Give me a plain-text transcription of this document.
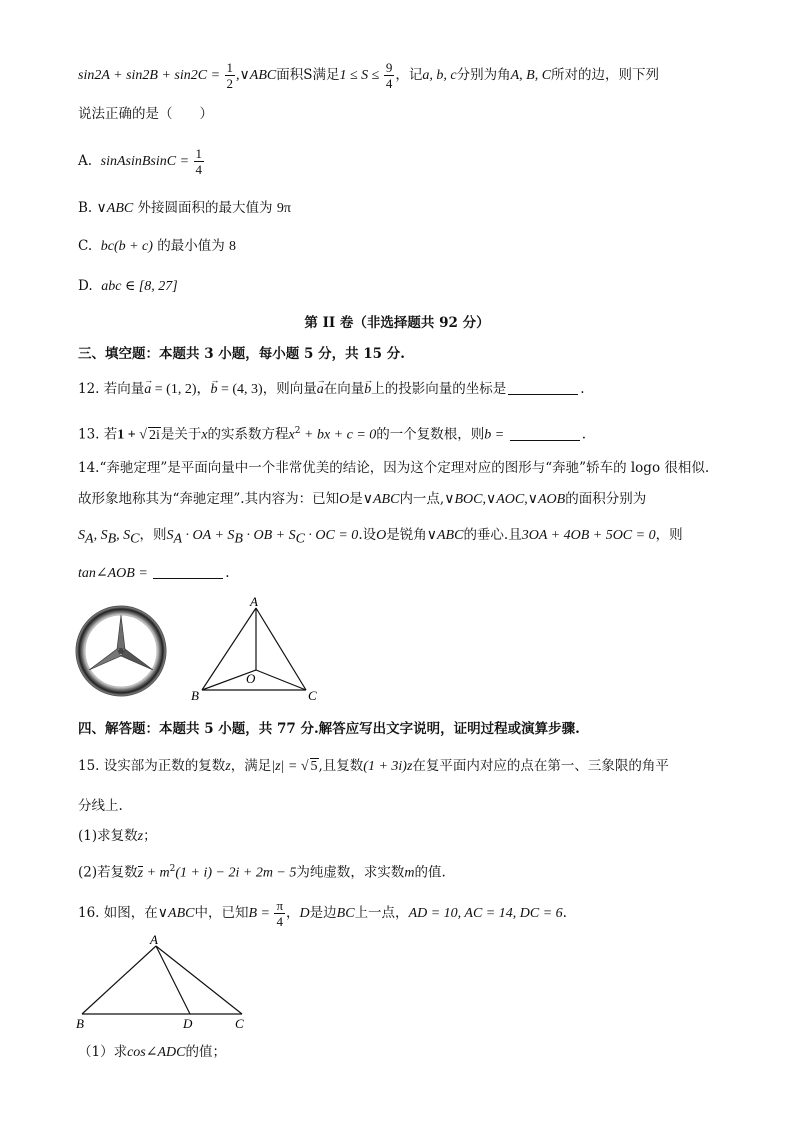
$\sin 2A + \sin 2B + \sin 2C = \frac{1}{2}$ ,∨ABC面积S满足$1 \le S \le \frac{9}{4}$ ，记a, b, c分别为角A, B, C所对的边，则下列
说法正确的是（　　）
A. sinAsinBsinC = $\frac{1}{4}$
B. ∨ABC 外接圆面积的最大值为 9π
C. bc(b + c) 的最小值为 8
D. abc ∈ [8, 27]
第 II 卷（非选择题共 92 分）
三、填空题：本题共 3 小题，每小题 5 分，共 15 分.
12. 若向量→ a = (1, 2)，→ b = (4, 3)，则向量→ a在向量→ b上的投影向量的坐标是	.
13. 若1 + √ 2i是关于x的实系数方程$x^2$ + bx + c = 0的一个复数根，则b =	.
14.“奔驰定理”是平面向量中一个非常优美的结论，因为这个定理对应的图形与“奔驰”轿车的 logo 很相似.
故形象地称其为“奔驰定理”.其内容为：已知O是∨ABC内一点,∨BOC,∨AOC,∨AOB的面积分别为
$S_A$, $S_B$, $S_C$，则$S_A$ · OA + $S_B$ · OB + $S_C$ · OC = 0.设O是锐角∨ABC的垂心.且3OA + 4OB + 5OC = 0，则
tan∠AOB =	.
A
B	C
O
四、解答题：本题共 5 小题，共 77 分.解答应写出文字说明，证明过程或演算步骤.
15. 设实部为正数的复数z，满足|z| = √ 5,且复数(1 + 3i)z在复平面内对应的点在第一、三象限的角平
分线上.
(1)求复数z；
(2)若复数$z + m^2(1 + i) - 2i + 2m - 5$为纯虚数，求实数m的值.
16. 如图，在∨ABC中，已知$B = \frac{\pi}{4}$ ，D是边BC上一点，AD = 10, AC = 14, DC = 6.
A
B	D	C
（1）求cos∠ADC的值；
